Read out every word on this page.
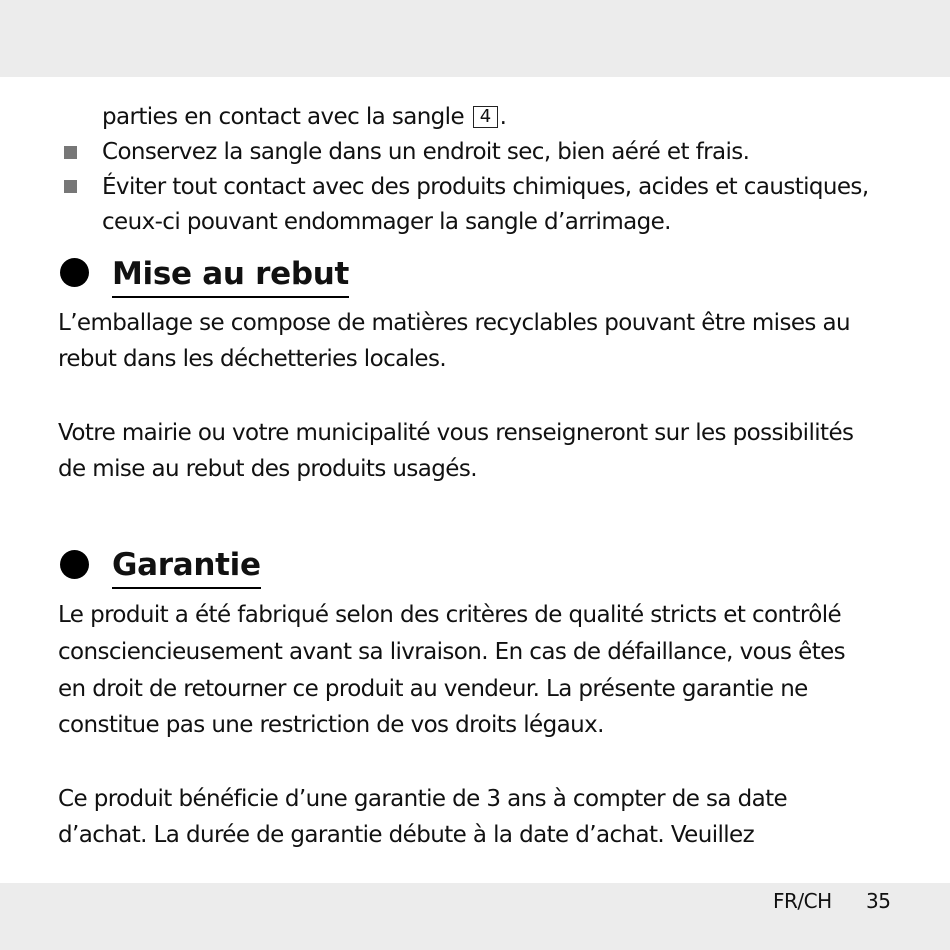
parties en contact avec la sangle 4 .
Conservez la sangle dans un endroit sec, bien aéré et frais.
Éviter tout contact avec des produits chimiques, acides et caustiques,
ceux-ci pouvant endommager la sangle d’arrimage.
Mise au rebut
L’emballage se compose de matières recyclables pouvant être mises au
rebut dans les déchetteries locales.
Votre mairie ou votre municipalité vous renseigneront sur les possibilités
de mise au rebut des produits usagés.
Garantie
Le produit a été fabriqué selon des critères de qualité stricts et contrôlé
consciencieusement avant sa livraison. En cas de défaillance, vous êtes
en droit de retourner ce produit au vendeur. La présente garantie ne
constitue pas une restriction de vos droits légaux.
Ce produit bénéficie d’une garantie de 3 ans à compter de sa date
d’achat. La durée de garantie débute à la date d’achat. Veuillez
FR/CH 35
